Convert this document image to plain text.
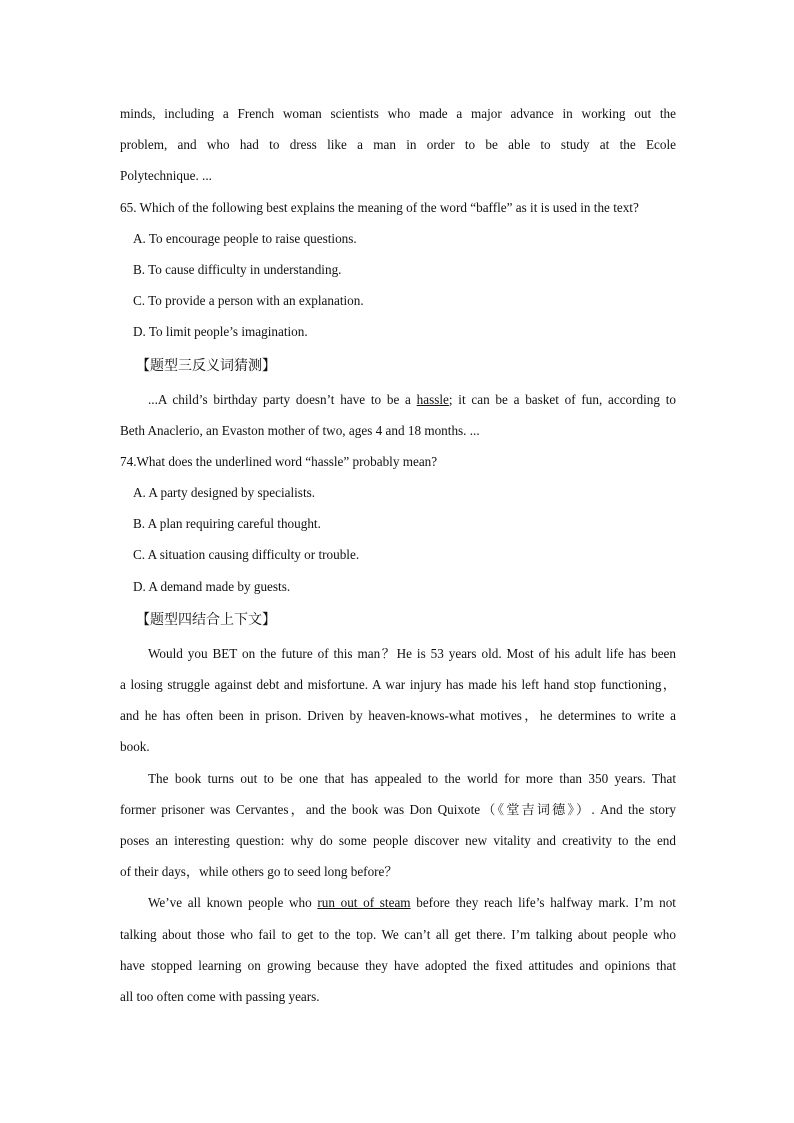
minds, including a French woman scientists who made a major advance in working out the
problem, and who had to dress like a man in order to be able to study at the Ecole
Polytechnique. ...
65. Which of the following best explains the meaning of the word “baffle” as it is used in the text?
A. To encourage people to raise questions.
B. To cause difficulty in understanding.
C. To provide a person with an explanation.
D. To limit people’s imagination.
【题型三反义词猜测】
...A child’s birthday party doesn’t have to be a hassle; it can be a basket of fun, according to
Beth Anaclerio, an Evaston mother of two, ages 4 and 18 months. ...
74.What does the underlined word “hassle” probably mean?
A. A party designed by specialists.
B. A plan requiring careful thought.
C. A situation causing difficulty or trouble.
D. A demand made by guests.
【题型四结合上下文】
Would you BET on the future of this man？He is 53 years old. Most of his adult life has been
a losing struggle against debt and misfortune. A war injury has made his left hand stop functioning，
and he has often been in prison. Driven by heaven-knows-what motives，he determines to write a
book.
The book turns out to be one that has appealed to the world for more than 350 years. That
former prisoner was Cervantes，and the book was Don Quixote（《堂吉词德》）. And the story
poses an interesting question: why do some people discover new vitality and creativity to the end
of their days，while others go to seed long before？
We’ve all known people who run out of steam before they reach life’s halfway mark. I’m not
talking about those who fail to get to the top. We can’t all get there. I’m talking about people who
have stopped learning on growing because they have adopted the fixed attitudes and opinions that
all too often come with passing years.
